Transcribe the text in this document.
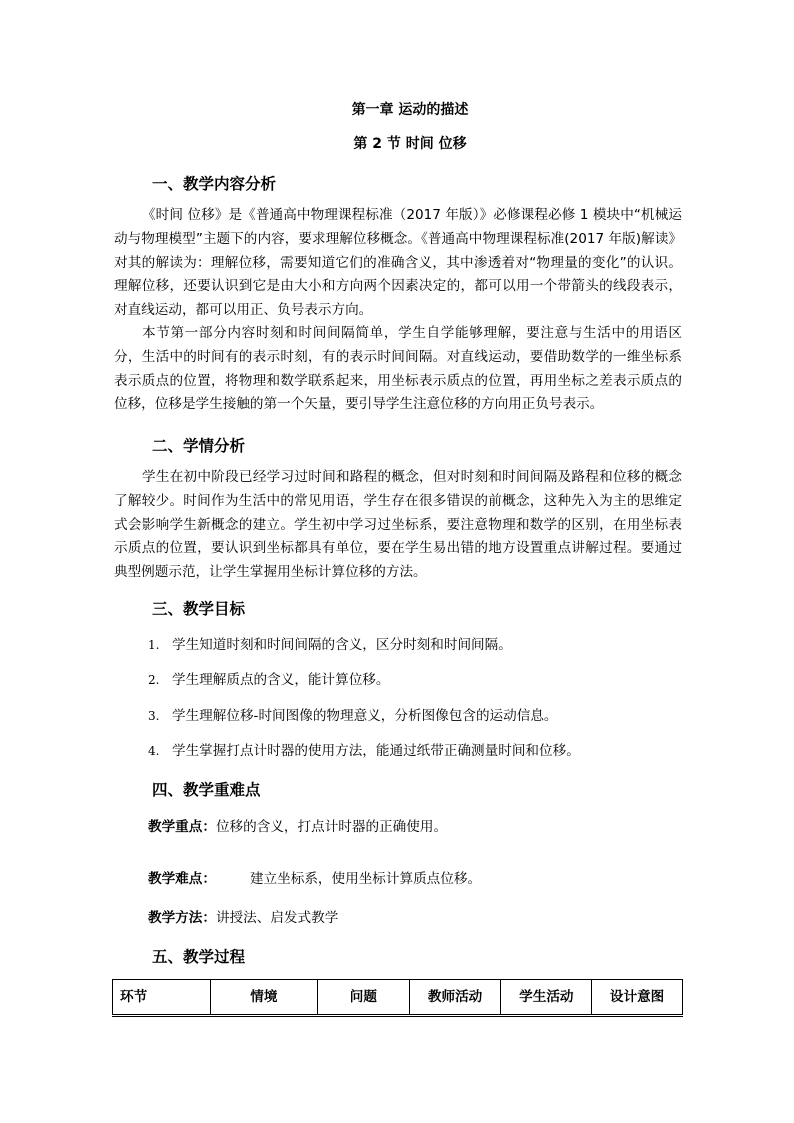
第一章 运动的描述
第 2 节 时间 位移
一、教学内容分析

《时间 位移》是《普通高中物理课程标准（2017 年版）》必修课程必修 1 模块中“机械运动与物理模型”主题下的内容，要求理解位移概念。《普通高中物理课程标准(2017 年版)解读》对其的解读为：理解位移，需要知道它们的准确含义，其中渗透着对“物理量的变化”的认识。理解位移，还要认识到它是由大小和方向两个因素决定的，都可以用一个带箭头的线段表示，对直线运动，都可以用正、负号表示方向。

本节第一部分内容时刻和时间间隔简单，学生自学能够理解，要注意与生活中的用语区分，生活中的时间有的表示时刻，有的表示时间间隔。对直线运动，要借助数学的一维坐标系表示质点的位置，将物理和数学联系起来，用坐标表示质点的位置，再用坐标之差表示质点的位移，位移是学生接触的第一个矢量，要引导学生注意位移的方向用正负号表示。

二、学情分析

学生在初中阶段已经学习过时间和路程的概念，但对时刻和时间间隔及路程和位移的概念了解较少。时间作为生活中的常见用语，学生存在很多错误的前概念，这种先入为主的思维定式会影响学生新概念的建立。学生初中学习过坐标系，要注意物理和数学的区别，在用坐标表示质点的位置，要认识到坐标都具有单位，要在学生易出错的地方设置重点讲解过程。要通过典型例题示范，让学生掌握用坐标计算位移的方法。

三、教学目标
1. 学生知道时刻和时间间隔的含义，区分时刻和时间间隔。
2. 学生理解质点的含义，能计算位移。
3. 学生理解位移-时间图像的物理意义，分析图像包含的运动信息。
4. 学生掌握打点计时器的使用方法，能通过纸带正确测量时间和位移。
四、教学重难点
教学重点：位移的含义，打点计时器的正确使用。
教学难点：	建立坐标系，使用坐标计算质点位移。
教学方法：讲授法、启发式教学
五、教学过程
环节	情境	问题	教师活动	学生活动	设计意图
